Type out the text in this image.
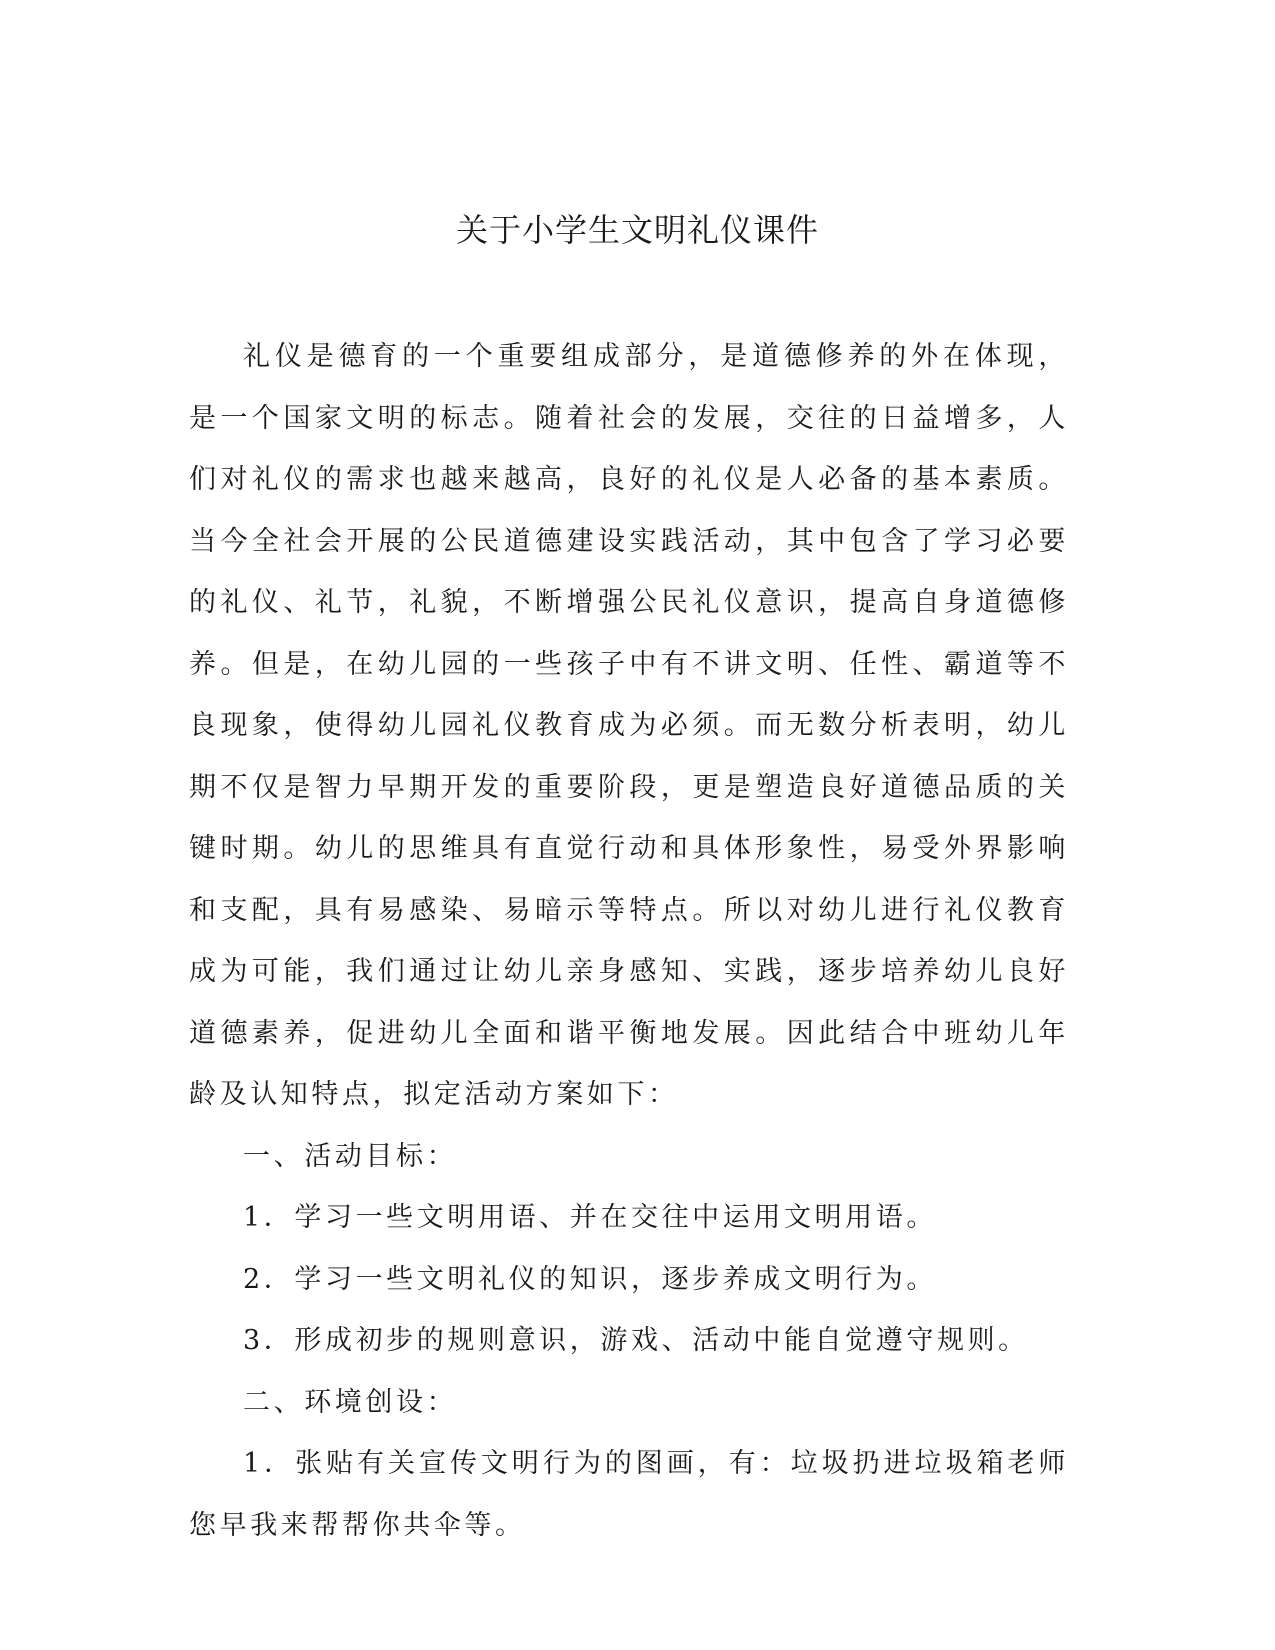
关于小学生文明礼仪课件

礼仪是德育的一个重要组成部分，是道德修养的外在体现，是一个国家文明的标志。随着社会的发展，交往的日益增多，人们对礼仪的需求也越来越高，良好的礼仪是人必备的基本素质。当今全社会开展的公民道德建设实践活动，其中包含了学习必要的礼仪、礼节，礼貌，不断增强公民礼仪意识，提高自身道德修养。但是，在幼儿园的一些孩子中有不讲文明、任性、霸道等不良现象，使得幼儿园礼仪教育成为必须。而无数分析表明，幼儿期不仅是智力早期开发的重要阶段，更是塑造良好道德品质的关键时期。幼儿的思维具有直觉行动和具体形象性，易受外界影响和支配，具有易感染、易暗示等特点。所以对幼儿进行礼仪教育成为可能，我们通过让幼儿亲身感知、实践，逐步培养幼儿良好道德素养，促进幼儿全面和谐平衡地发展。因此结合中班幼儿年龄及认知特点，拟定活动方案如下：

一、活动目标：

1．学习一些文明用语、并在交往中运用文明用语。

2．学习一些文明礼仪的知识，逐步养成文明行为。

3．形成初步的规则意识，游戏、活动中能自觉遵守规则。

二、环境创设：

1．张贴有关宣传文明行为的图画，有：垃圾扔进垃圾箱老师您早我来帮帮你共伞等。
